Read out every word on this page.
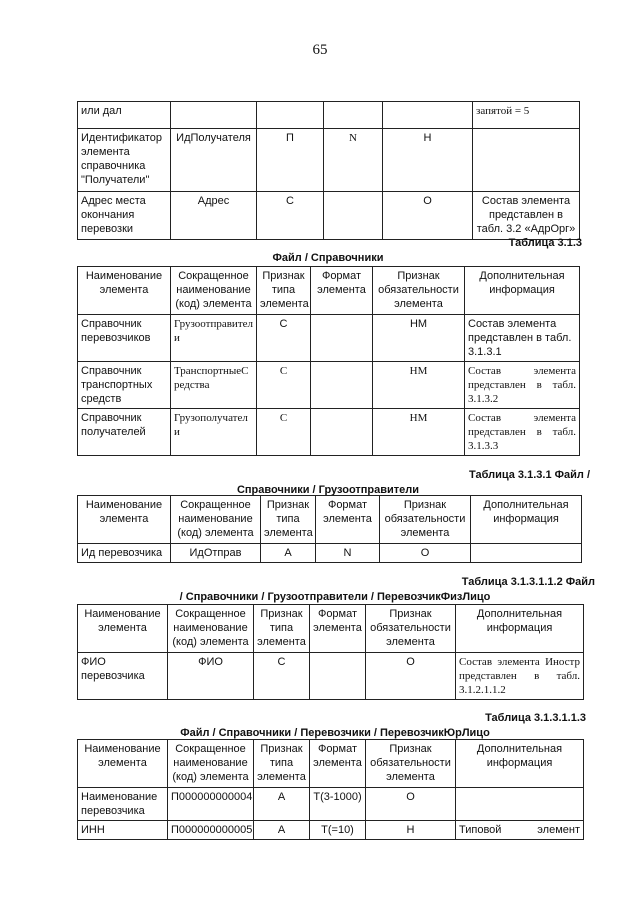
65
или дал					запятой = 5
Идентификатор элемента справочника "Получатели"	ИдПолучателя	П	N	Н	
Адрес места окончания перевозки	Адрес	С		О	Состав элемента представлен в табл. 3.2 «АдрОрг»
Таблица 3.1.3
Файл / Справочники
Наименование элемента	Сокращенное наименование (код) элемента	Признак типа элемента	Формат элемента	Признак обязательности элемента	Дополнительная информация
Справочник перевозчиков	Грузоотправители	С		НМ	Состав элемента представлен в табл. 3.1.3.1
Справочник транспортных средств	ТранспортныеСредства	С		НМ	Состав элемента представлен в табл. 3.1.3.2
Справочник получателей	Грузополучатели	С		НМ	Состав элемента представлен в табл. 3.1.3.3
Таблица 3.1.3.1 Файл /
Справочники / Грузоотправители
Наименование элемента	Сокращенное наименование (код) элемента	Признак типа элемента	Формат элемента	Признак обязательности элемента	Дополнительная информация
Ид перевозчика	ИдОтправ	А	N	О	
Таблица 3.1.3.1.1.2 Файл
/ Справочники / Грузоотправители / ПеревозчикФизЛицо
Наименование элемента	Сокращенное наименование (код) элемента	Признак типа элемента	Формат элемента	Признак обязательности элемента	Дополнительная информация
ФИО перевозчика	ФИО	С		О	Состав элемента Иностр представлен в табл. 3.1.2.1.1.2
Таблица 3.1.3.1.1.3
Файл / Справочники / Перевозчики / ПеревозчикЮрЛицо
Наименование элемента	Сокращенное наименование (код) элемента	Признак типа элемента	Формат элемента	Признак обязательности элемента	Дополнительная информация
Наименование перевозчика	П000000000004	А	Т(3-1000)	О	
ИНН	П000000000005	А	Т(=10)	Н	Типовой элемент
